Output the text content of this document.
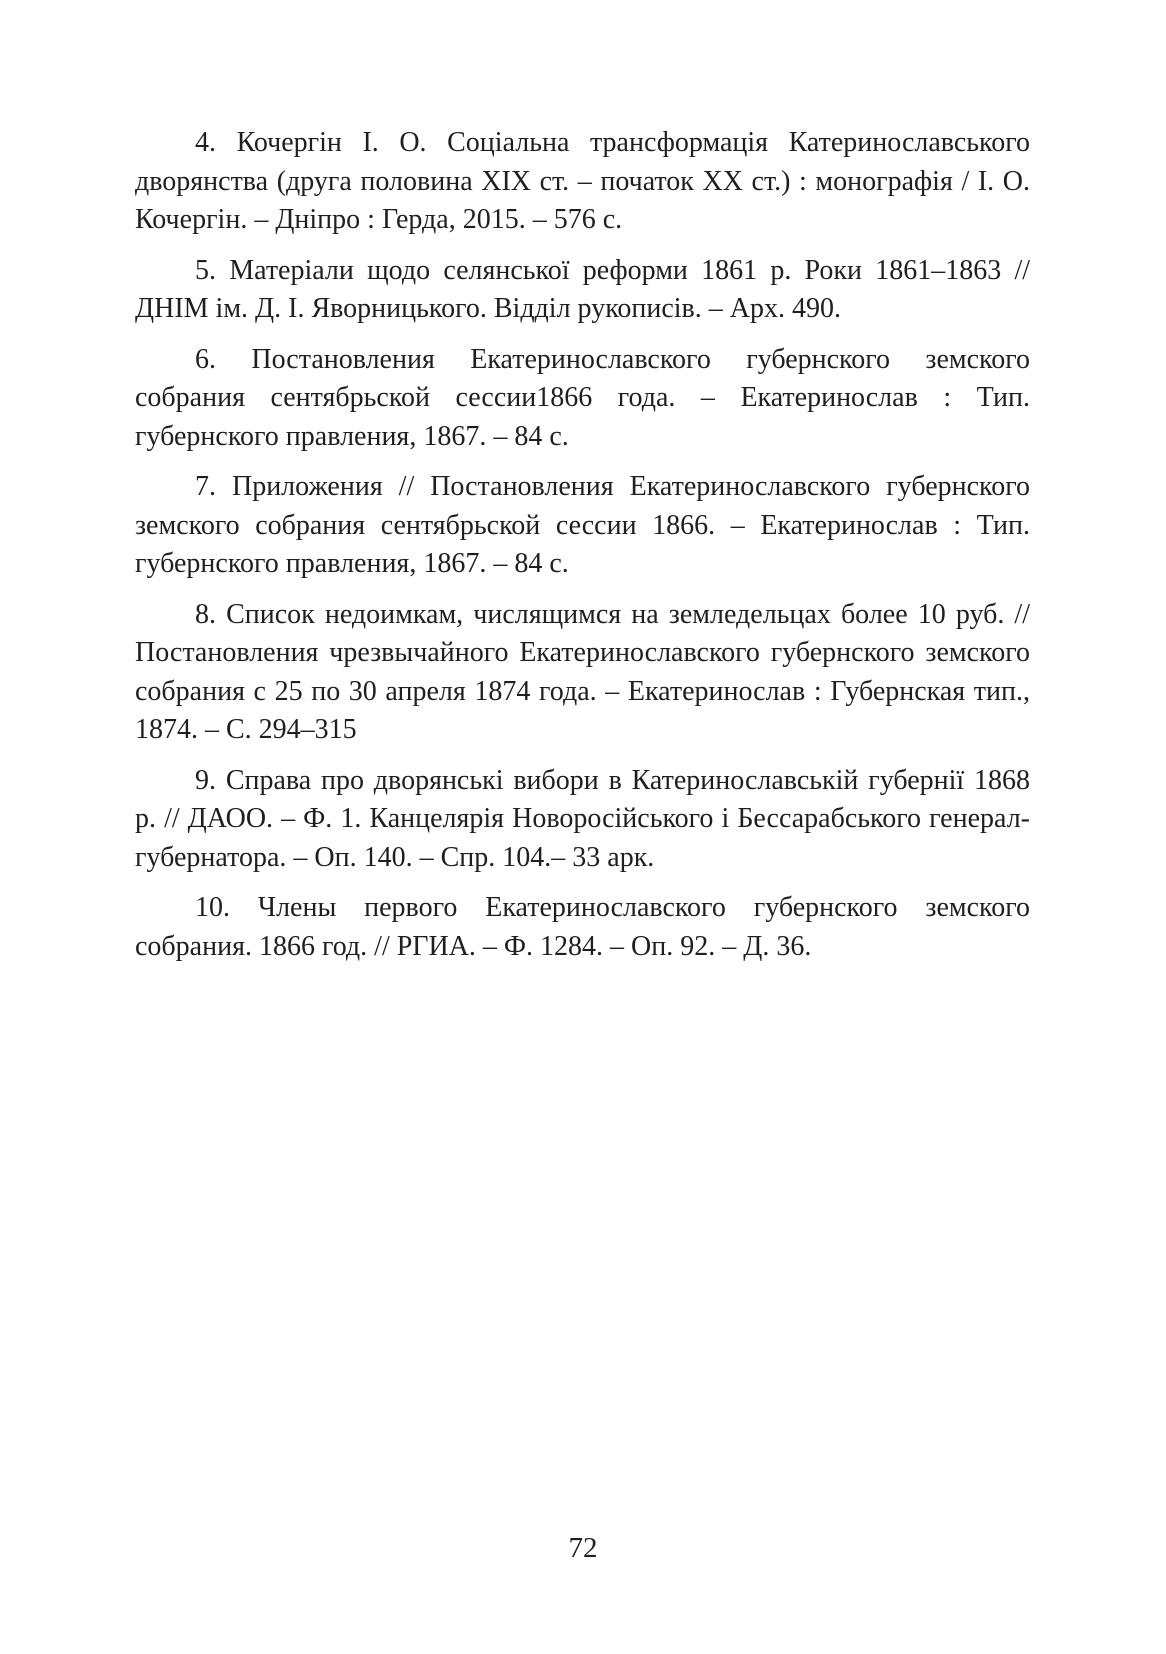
4. Кочергін І. О. Соціальна трансформація Катеринославського дворянства (друга половина ХІХ ст. – початок ХХ ст.) : монографія / І. О. Кочергін. – Дніпро : Герда, 2015. – 576 с.

5. Матеріали щодо селянської реформи 1861 р. Роки 1861–1863 // ДНІМ ім. Д. І. Яворницького. Відділ рукописів. – Арх. 490.

6. Постановления Екатеринославского губернского земского собрания сентябрьской сессии1866 года. – Екатеринослав : Тип. губернского правления, 1867. – 84 с.

7. Приложения // Постановления Екатеринославского губернского земского собрания сентябрьской сессии 1866. – Екатеринослав : Тип. губернского правления, 1867. – 84 с.

8. Список недоимкам, числящимся на земледельцах более 10 руб. // Постановления чрезвычайного Екатеринославского губернского земского собрания с 25 по 30 апреля 1874 года. – Екатеринослав : Губернская тип., 1874. – С. 294–315

9. Справа про дворянські вибори в Катеринославській губернії 1868 р. // ДАОО. – Ф. 1. Канцелярія Новоросійського і Бессарабського генерал-губернатора. – Оп. 140. – Спр. 104.– 33 арк.

10. Члены первого Екатеринославского губернского земского собрания. 1866 год. // РГИА. – Ф. 1284. – Оп. 92. – Д. 36.

72
